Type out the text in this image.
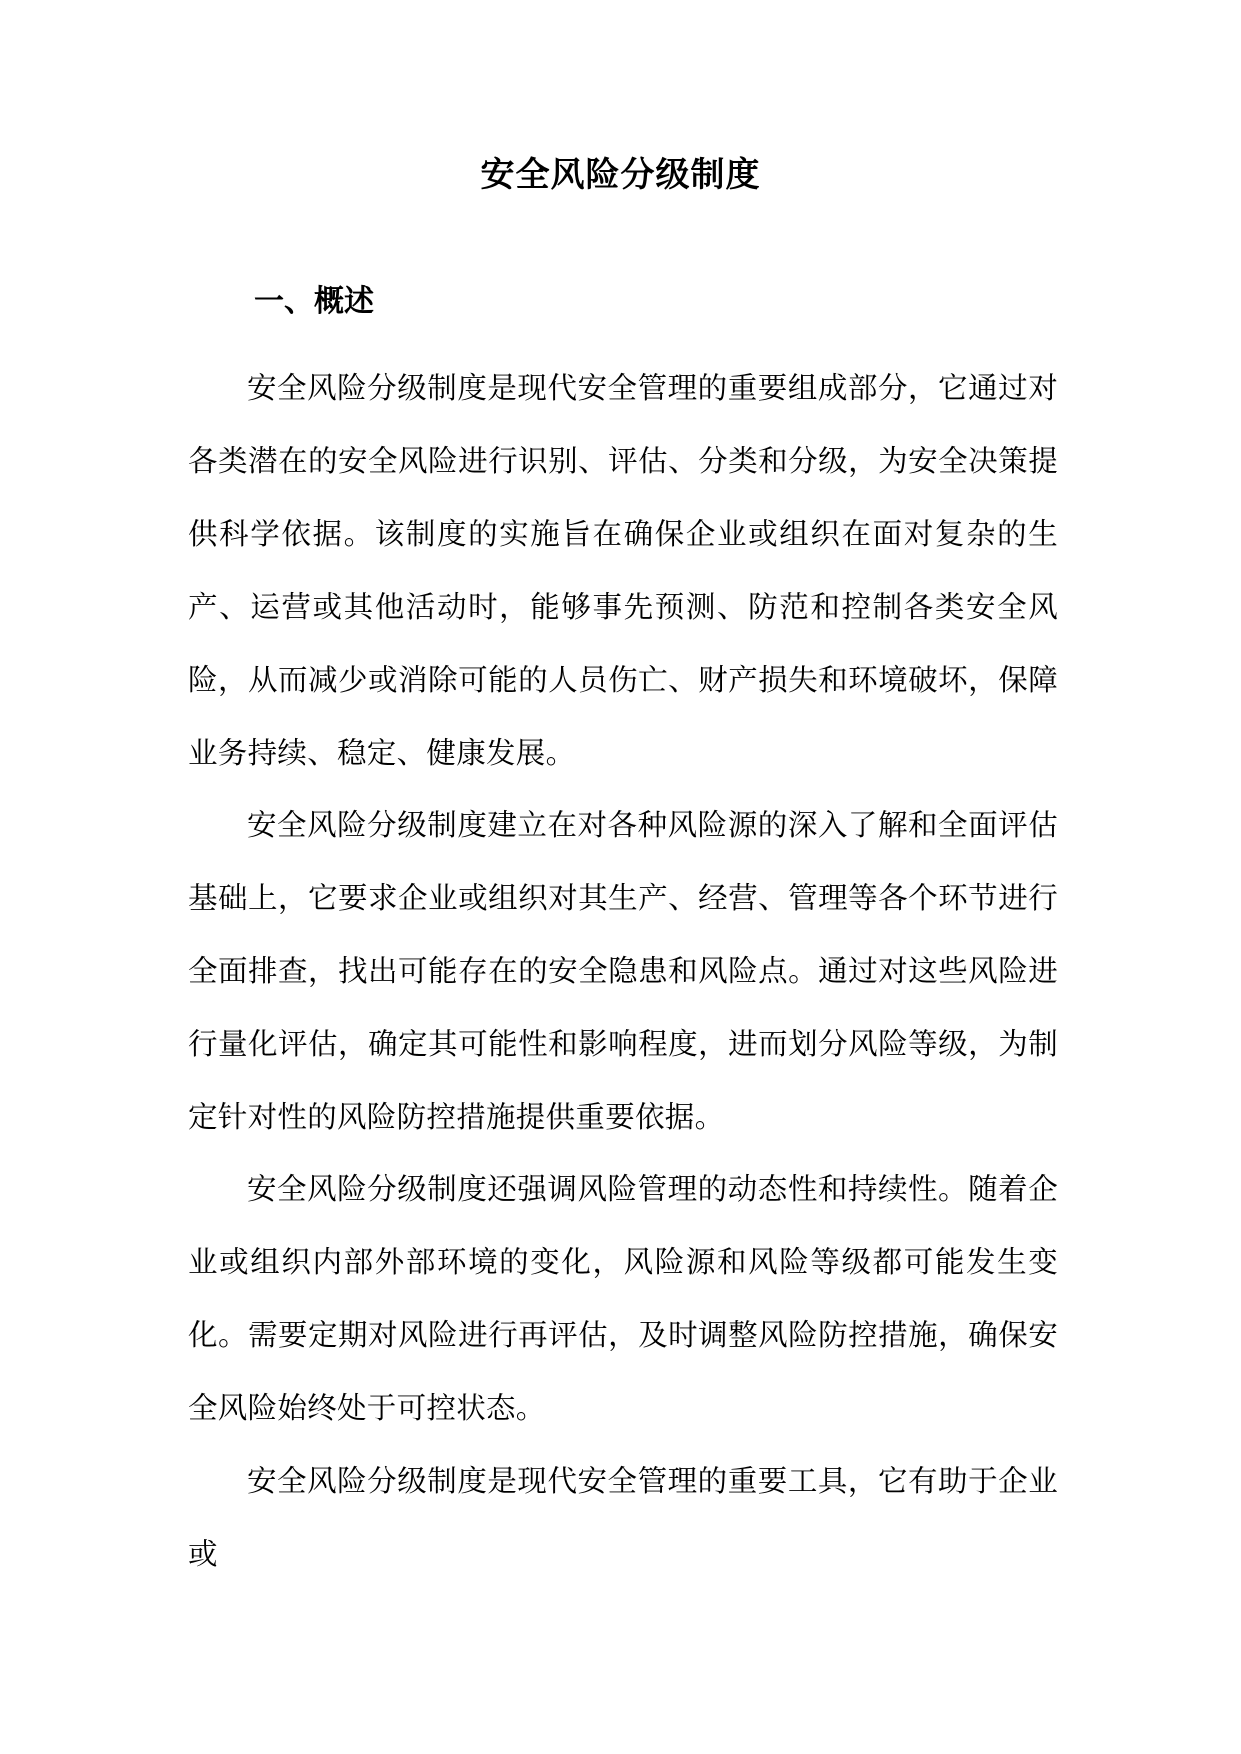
安全风险分级制度
一、概述

安全风险分级制度是现代安全管理的重要组成部分，它通过对各类潜在的安全风险进行识别、评估、分类和分级，为安全决策提供科学依据。该制度的实施旨在确保企业或组织在面对复杂的生产、运营或其他活动时，能够事先预测、防范和控制各类安全风险，从而减少或消除可能的人员伤亡、财产损失和环境破坏，保障业务持续、稳定、健康发展。

安全风险分级制度建立在对各种风险源的深入了解和全面评估基础上，它要求企业或组织对其生产、经营、管理等各个环节进行全面排查，找出可能存在的安全隐患和风险点。通过对这些风险进行量化评估，确定其可能性和影响程度，进而划分风险等级，为制定针对性的风险防控措施提供重要依据。

安全风险分级制度还强调风险管理的动态性和持续性。随着企业或组织内部外部环境的变化，风险源和风险等级都可能发生变化。需要定期对风险进行再评估，及时调整风险防控措施，确保安全风险始终处于可控状态。

安全风险分级制度是现代安全管理的重要工具，它有助于企业或
